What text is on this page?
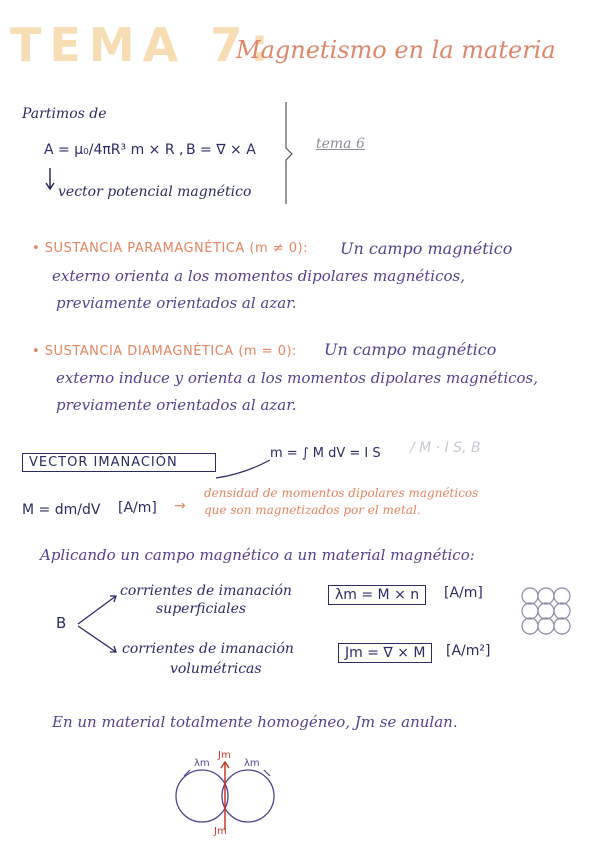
TEMA 7:
Magnetismo en la materia
Partimos de
A = μ₀/4πR³ m × R , B = ∇ × A	tema 6
vector potencial magnético
• SUSTANCIA PARAMAGNÉTICA (m ≠ 0): Un campo magnético
externo orienta a los momentos dipolares magnéticos,
previamente orientados al azar.
• SUSTANCIA DIAMAGNÉTICA (m = 0): Un campo magnético
externo induce y orienta a los momentos dipolares magnéticos,
previamente orientados al azar.
VECTOR IMANACIÓN
m = ∫ M dV = I S / M · I S, B
M = dm/dV [A/m] →
densidad de momentos dipolares magnéticos
que son magnetizados por el metal.
Aplicando un campo magnético a un material magnético:
B
corrientes de imanación
superficiales
λm = M × n	[A/m]
corrientes de imanación
volumétricas
Jm = ∇ × M	[A/m²]
En un material totalmente homogéneo, Jm se anulan.
λm
Jm
λm
Jm
